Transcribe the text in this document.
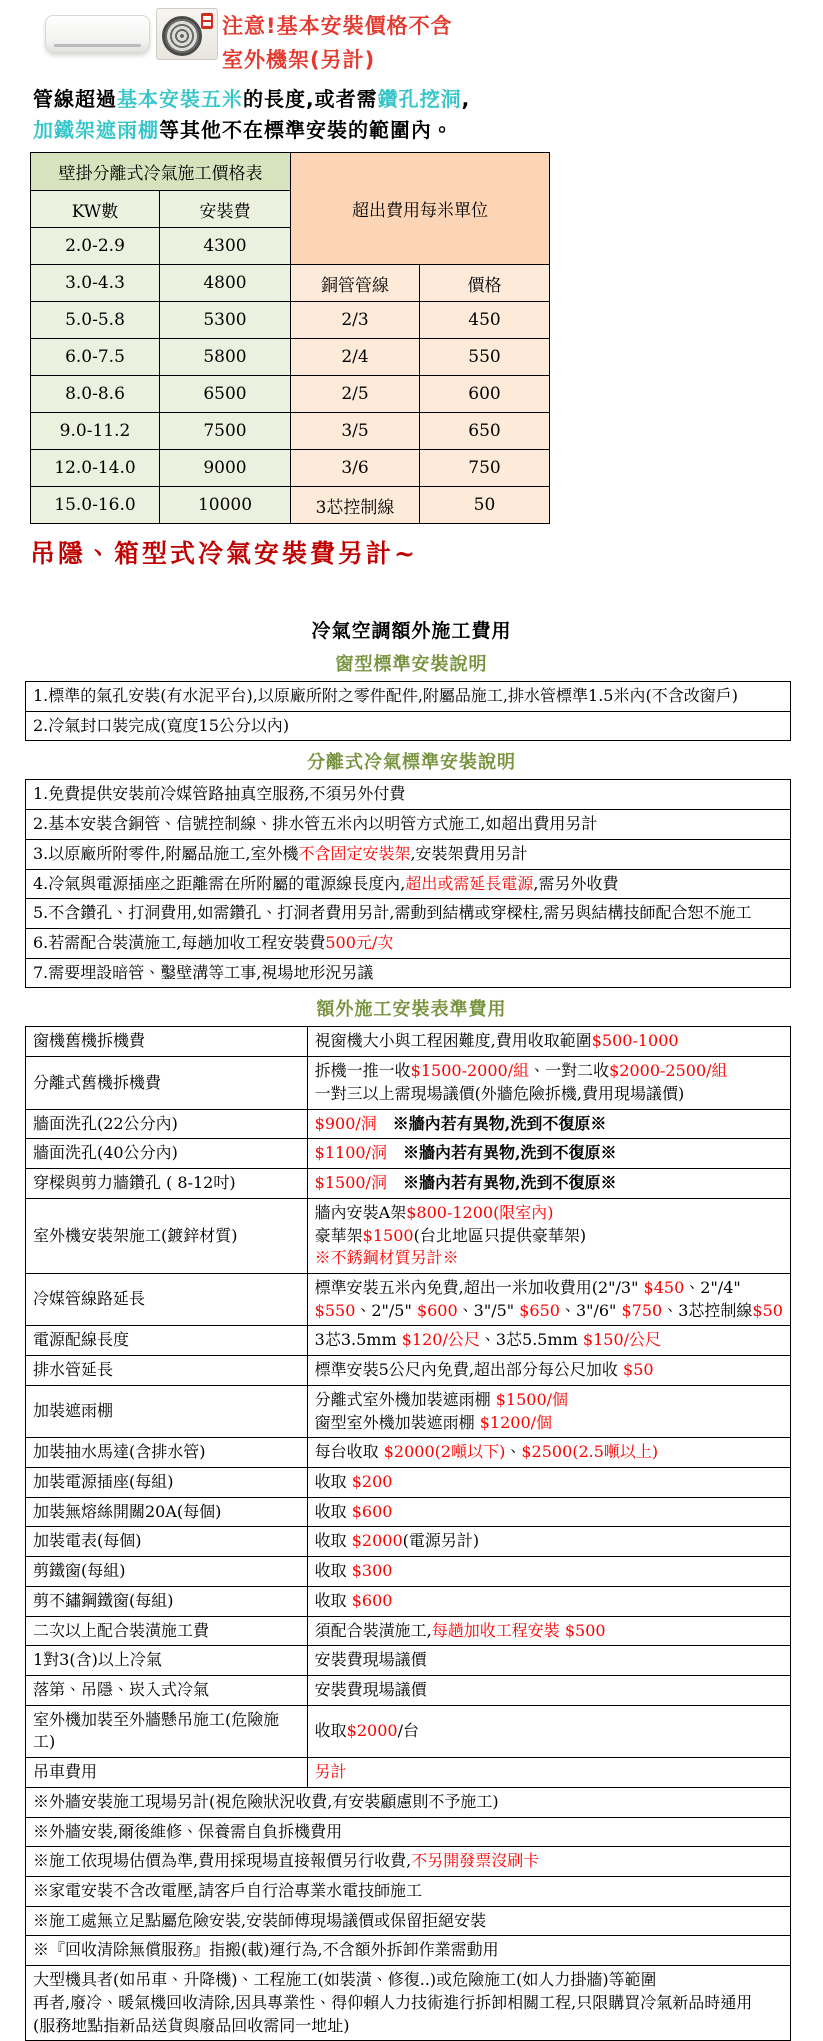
注意!基本安裝價格不含
室外機架(另計)
管線超過基本安裝五米的長度,或者需鑽孔挖洞,
加鐵架遮雨棚等其他不在標準安裝的範圍內。
壁掛分離式冷氣施工價格表		超出費用每米單位	
KW數	安裝費		
2.0-2.9	4300		
3.0-4.3	4800	銅管管線	價格
5.0-5.8	5300	2/3	450
6.0-7.5	5800	2/4	550
8.0-8.6	6500	2/5	600
9.0-11.2	7500	3/5	650
12.0-14.0	9000	3/6	750
15.0-16.0	10000	3芯控制線	50
吊隱、箱型式冷氣安裝費另計~
冷氣空調額外施工費用
窗型標準安裝說明
1.標準的氣孔安裝(有水泥平台),以原廠所附之零件配件,附屬品施工,排水管標準1.5米內(不含改窗戶)

2.冷氣封口裝完成(寬度15公分以內)
分離式冷氣標準安裝說明
1.免費提供安裝前冷媒管路抽真空服務,不須另外付費

2.基本安裝含銅管、信號控制線、排水管五米內以明管方式施工,如超出費用另計

3.以原廠所附零件,附屬品施工,室外機不含固定安裝架,安裝架費用另計

4.冷氣與電源插座之距離需在所附屬的電源線長度內,超出或需延長電源,需另外收費

5.不含鑽孔、打洞費用,如需鑽孔、打洞者費用另計,需動到結構或穿樑柱,需另與結構技師配合恕不施工

6.若需配合裝潢施工,每趟加收工程安裝費500元/次

7.需要埋設暗管、鑿壁溝等工事,視場地形況另議
額外施工安裝表準費用
窗機舊機拆機費	視窗機大小與工程困難度,費用收取範圍$500-1000

分離式舊機拆機費	拆機一推一收$1500-2000/組、一對二收$2000-2500/組
一對三以上需現場議價(外牆危險拆機,費用現場議價)

牆面洗孔(22公分內)	$900/洞　※牆內若有異物,洗到不復原※

牆面洗孔(40公分內)	$1100/洞　※牆內若有異物,洗到不復原※

穿樑與剪力牆鑽孔 ( 8-12吋)	$1500/洞　※牆內若有異物,洗到不復原※

室外機安裝架施工(鍍鋅材質)	牆內安裝A架$800-1200(限室內)
豪華架$1500(台北地區只提供豪華架)
※不銹鋼材質另計※

冷媒管線路延長	標準安裝五米內免費,超出一米加收費用(2"/3" $450、2"/4" $550、2"/5" $600、3"/5" $650、3"/6" $750、3芯控制線$50

電源配線長度	3芯3.5mm $120/公尺、3芯5.5mm $150/公尺

排水管延長	標準安裝5公尺內免費,超出部分每公尺加收 $50

加裝遮雨棚	分離式室外機加裝遮雨棚 $1500/個
窗型室外機加裝遮雨棚 $1200/個

加裝抽水馬達(含排水管)	每台收取 $2000(2噸以下)、$2500(2.5噸以上)

加裝電源插座(每組)	收取 $200

加裝無熔絲開關20A(每個)	收取 $600

加裝電表(每個)	收取 $2000(電源另計)

剪鐵窗(每組)	收取 $300

剪不鏽鋼鐵窗(每組)	收取 $600

二次以上配合裝潢施工費	須配合裝潢施工,每趟加收工程安裝 $500

1對3(含)以上冷氣	安裝費現場議價

落第、吊隱、崁入式冷氣	安裝費現場議價

室外機加裝至外牆懸吊施工(危險施工)	收取$2000/台

吊車費用	另計

※外牆安裝施工現場另計(視危險狀況收費,有安裝顧慮則不予施工)	

※外牆安裝,爾後維修、保養需自負拆機費用	

※施工依現場估價為準,費用採現場直接報價另行收費,不另開發票沒刷卡	

※家電安裝不含改電壓,請客戶自行洽專業水電技師施工	

※施工處無立足點屬危險安裝,安裝師傅現場議價或保留拒絕安裝	

※『回收清除無償服務』指搬(載)運行為,不含額外拆卸作業需動用	

大型機具者(如吊車、升降機)、工程施工(如裝潢、修復..)或危險施工(如人力掛牆)等範圍
再者,廢冷、暖氣機回收清除,因具專業性、得仰賴人力技術進行拆卸相關工程,只限購買冷氣新品時通用
(服務地點指新品送貨與廢品回收需同一地址)	
